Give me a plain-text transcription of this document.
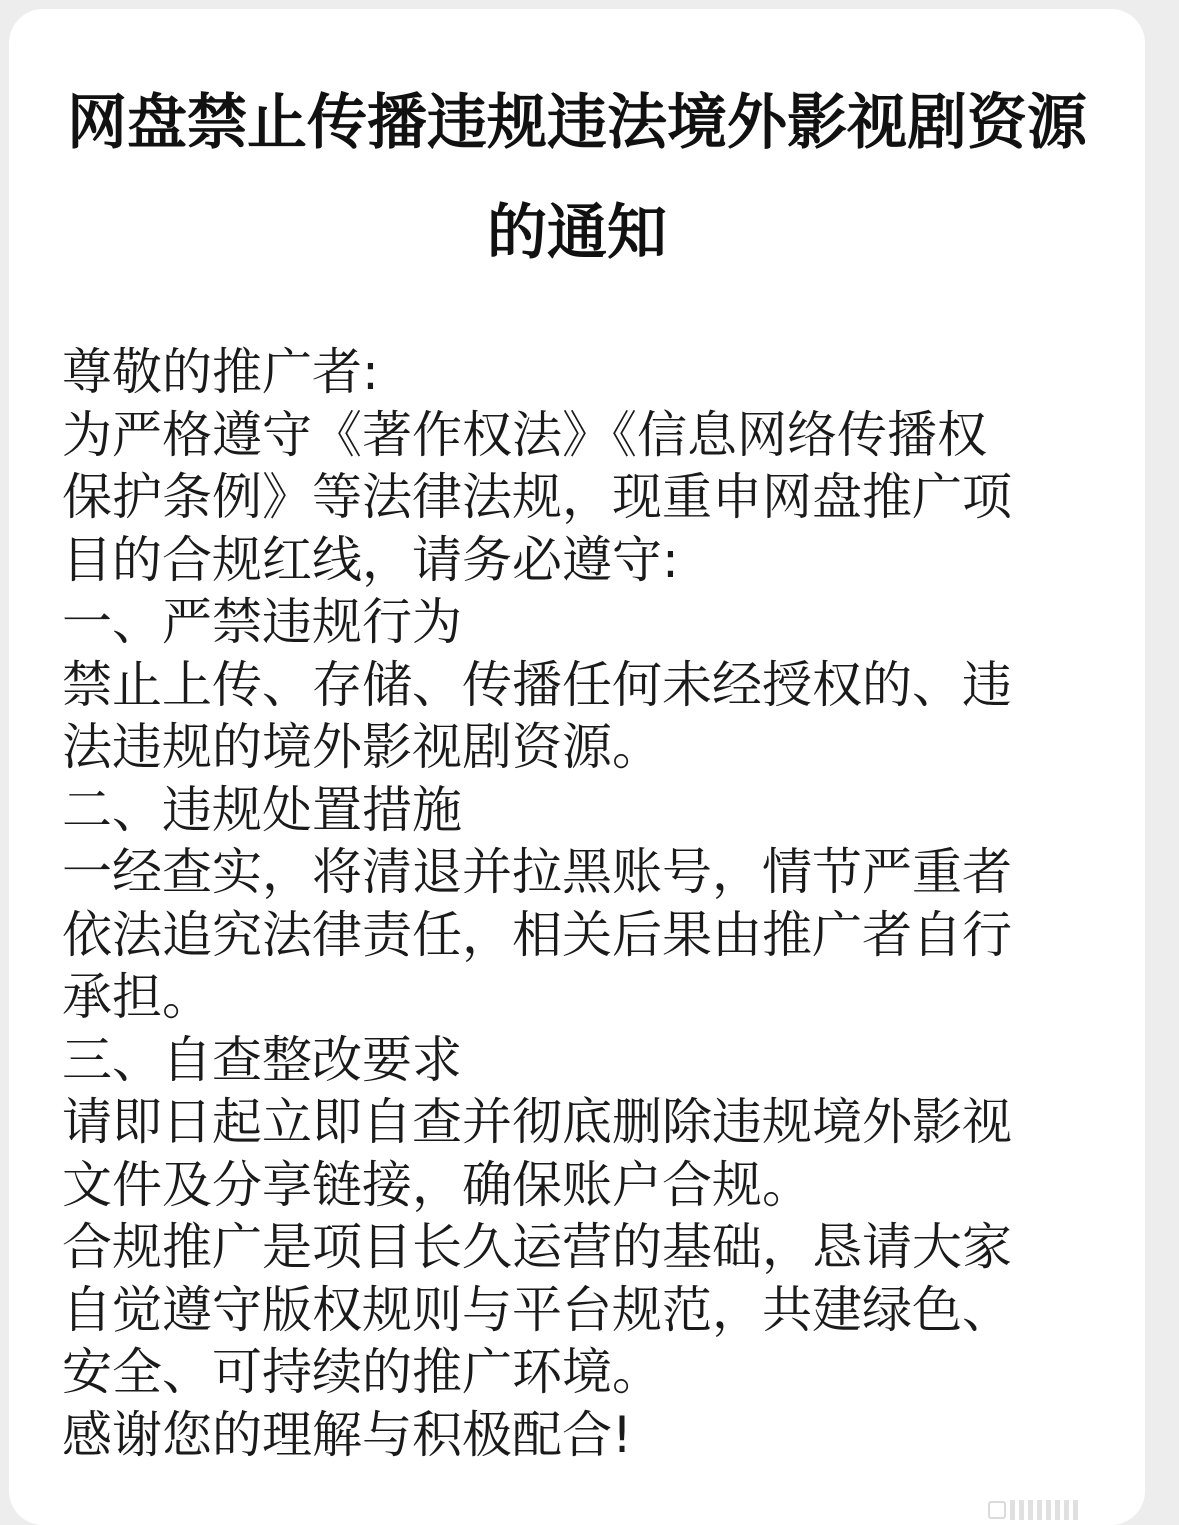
网盘禁止传播违规违法境外影视剧资源
的通知
尊敬的推广者:
为严格遵守《著作权法》《信息网络传播权
保护条例》等法律法规，现重申网盘推广项
目的合规红线，请务必遵守:
一、严禁违规行为
禁止上传、存储、传播任何未经授权的、违
法违规的境外影视剧资源。
二、违规处置措施
一经查实，将清退并拉黑账号，情节严重者
依法追究法律责任，相关后果由推广者自行
承担。
三、自查整改要求
请即日起立即自查并彻底删除违规境外影视
文件及分享链接，确保账户合规。
合规推广是项目长久运营的基础，恳请大家
自觉遵守版权规则与平台规范，共建绿色、
安全、可持续的推广环境。
感谢您的理解与积极配合!
